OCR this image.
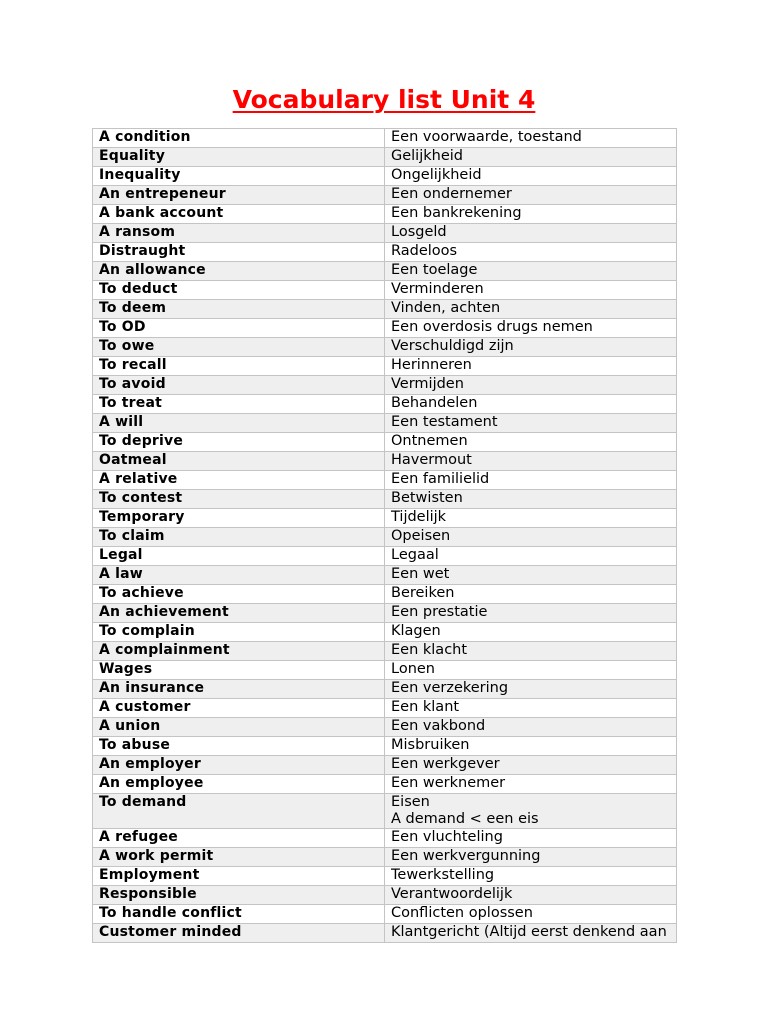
Vocabulary list Unit 4
A condition	Een voorwaarde, toestand
Equality	Gelijkheid
Inequality	Ongelijkheid
An entrepeneur	Een ondernemer
A bank account	Een bankrekening
A ransom	Losgeld
Distraught	Radeloos
An allowance	Een toelage
To deduct	Verminderen
To deem	Vinden, achten
To OD	Een overdosis drugs nemen
To owe	Verschuldigd zijn
To recall	Herinneren
To avoid	Vermijden
To treat	Behandelen
A will	Een testament
To deprive	Ontnemen
Oatmeal	Havermout
A relative	Een familielid
To contest	Betwisten
Temporary	Tijdelijk
To claim	Opeisen
Legal	Legaal
A law	Een wet
To achieve	Bereiken
An achievement	Een prestatie
To complain	Klagen
A complainment	Een klacht
Wages	Lonen
An insurance	Een verzekering
A customer	Een klant
A union	Een vakbond
To abuse	Misbruiken
An employer	Een werkgever
An employee	Een werknemer
To demand	Eisen
A demand < een eis

A refugee	Een vluchteling
A work permit	Een werkvergunning
Employment	Tewerkstelling
Responsible	Verantwoordelijk
To handle conflict	Conflicten oplossen
Customer minded	Klantgericht (Altijd eerst denkend aan
